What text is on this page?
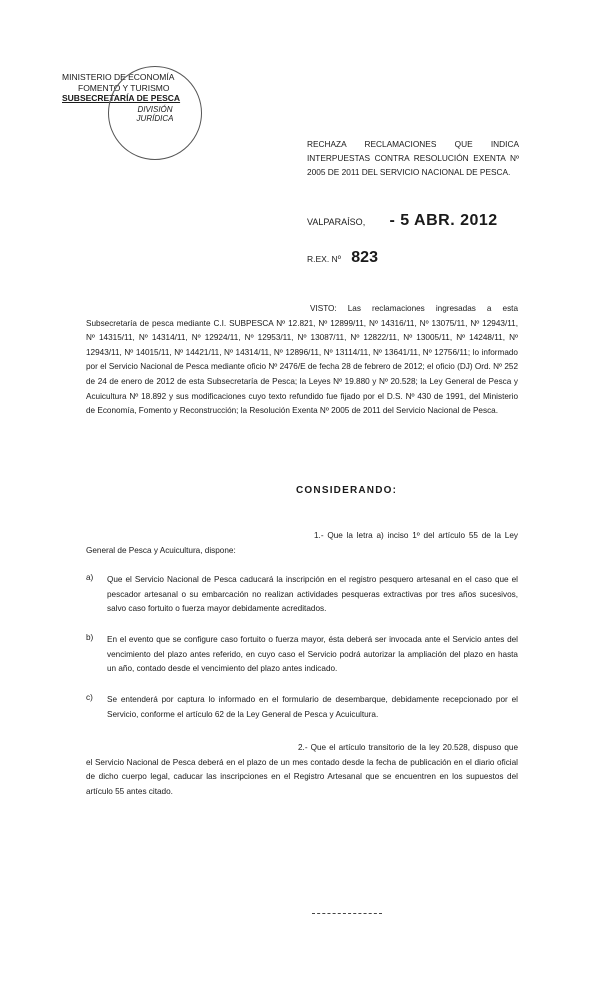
MINISTERIO DE ECONOMÍA
FOMENTO Y TURISMO
SUBSECRETARÍA DE PESCA
DIVISIÓN
JURÍDICA
RECHAZA RECLAMACIONES QUE INDICA INTERPUESTAS CONTRA RESOLUCIÓN EXENTA Nº 2005 DE 2011 DEL SERVICIO NACIONAL DE PESCA.
VALPARAÍSO, - 5 ABR. 2012
R.EX. Nº 823
VISTO: Las reclamaciones ingresadas a esta Subsecretaría de pesca mediante C.I. SUBPESCA Nº 12.821, Nº 12899/11, Nº 14316/11, Nº 13075/11, Nº 12943/11, Nº 14315/11, Nº 14314/11, Nº 12924/11, Nº 12953/11, Nº 13087/11, Nº 12822/11, Nº 13005/11, Nº 14248/11, Nº 12943/11, Nº 14015/11, Nº 14421/11, Nº 14314/11, Nº 12896/11, Nº 13114/11, Nº 13641/11, Nº 12756/11; lo informado por el Servicio Nacional de Pesca mediante oficio Nº 2476/E de fecha 28 de febrero de 2012; el oficio (DJ) Ord. Nº 252 de 24 de enero de 2012 de esta Subsecretaría de Pesca; la Leyes Nº 19.880 y Nº 20.528; la Ley General de Pesca y Acuicultura Nº 18.892 y sus modificaciones cuyo texto refundido fue fijado por el D.S. Nº 430 de 1991, del Ministerio de Economía, Fomento y Reconstrucción; la Resolución Exenta Nº 2005 de 2011 del Servicio Nacional de Pesca.
CONSIDERANDO:
1.- Que la letra a) inciso 1º del artículo 55 de la Ley General de Pesca y Acuicultura, dispone:
a) Que el Servicio Nacional de Pesca caducará la inscripción en el registro pesquero artesanal en el caso que el pescador artesanal o su embarcación no realizan actividades pesqueras extractivas por tres años sucesivos, salvo caso fortuito o fuerza mayor debidamente acreditados.
b) En el evento que se configure caso fortuito o fuerza mayor, ésta deberá ser invocada ante el Servicio antes del vencimiento del plazo antes referido, en cuyo caso el Servicio podrá autorizar la ampliación del plazo en hasta un año, contado desde el vencimiento del plazo antes indicado.
c) Se entenderá por captura lo informado en el formulario de desembarque, debidamente recepcionado por el Servicio, conforme el artículo 62 de la Ley General de Pesca y Acuicultura.
2.- Que el artículo transitorio de la ley 20.528, dispuso que el Servicio Nacional de Pesca deberá en el plazo de un mes contado desde la fecha de publicación en el diario oficial de dicho cuerpo legal, caducar las inscripciones en el Registro Artesanal que se encuentren en los supuestos del artículo 55 antes citado.
